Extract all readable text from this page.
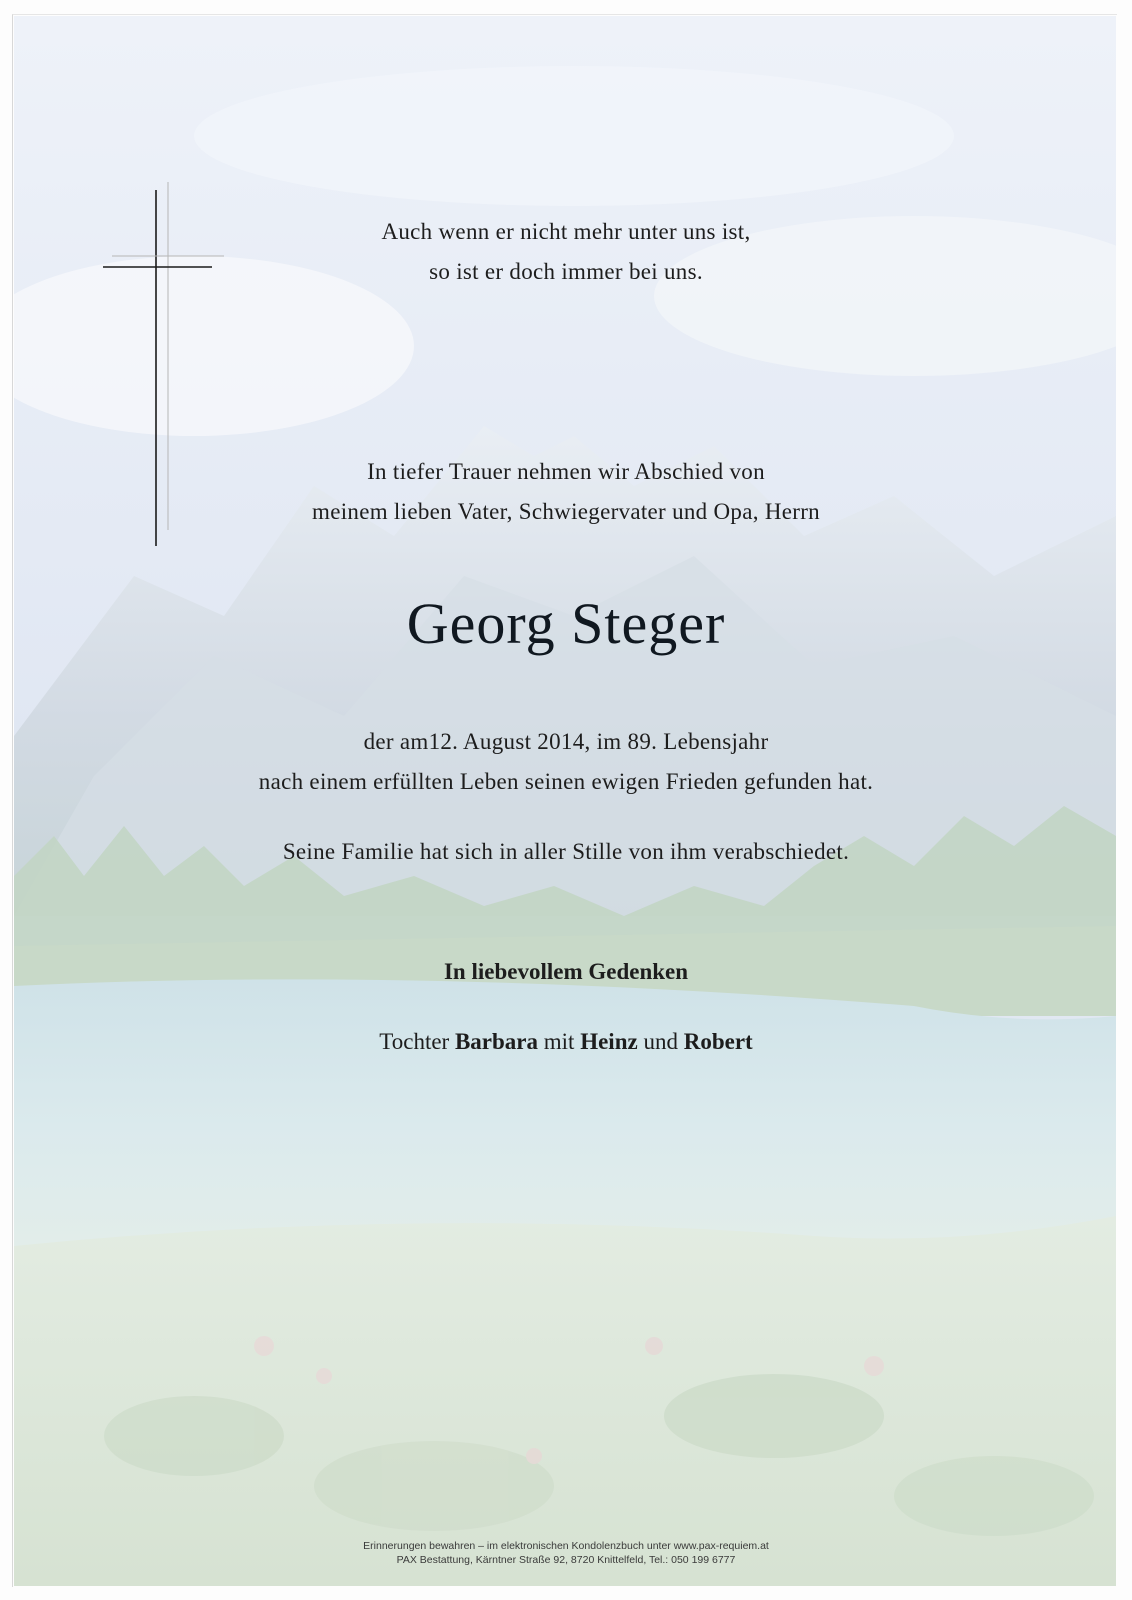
Auch wenn er nicht mehr unter uns ist,
so ist er doch immer bei uns.
In tiefer Trauer nehmen wir Abschied von
meinem lieben Vater, Schwiegervater und Opa, Herrn
Georg Steger
der am12. August 2014, im 89. Lebensjahr
nach einem erfüllten Leben seinen ewigen Frieden gefunden hat.
Seine Familie hat sich in aller Stille von ihm verabschiedet.
In liebevollem Gedenken
Tochter Barbara mit Heinz und Robert
Erinnerungen bewahren – im elektronischen Kondolenzbuch unter www.pax-requiem.at
PAX Bestattung, Kärntner Straße 92, 8720 Knittelfeld, Tel.: 050 199 6777
